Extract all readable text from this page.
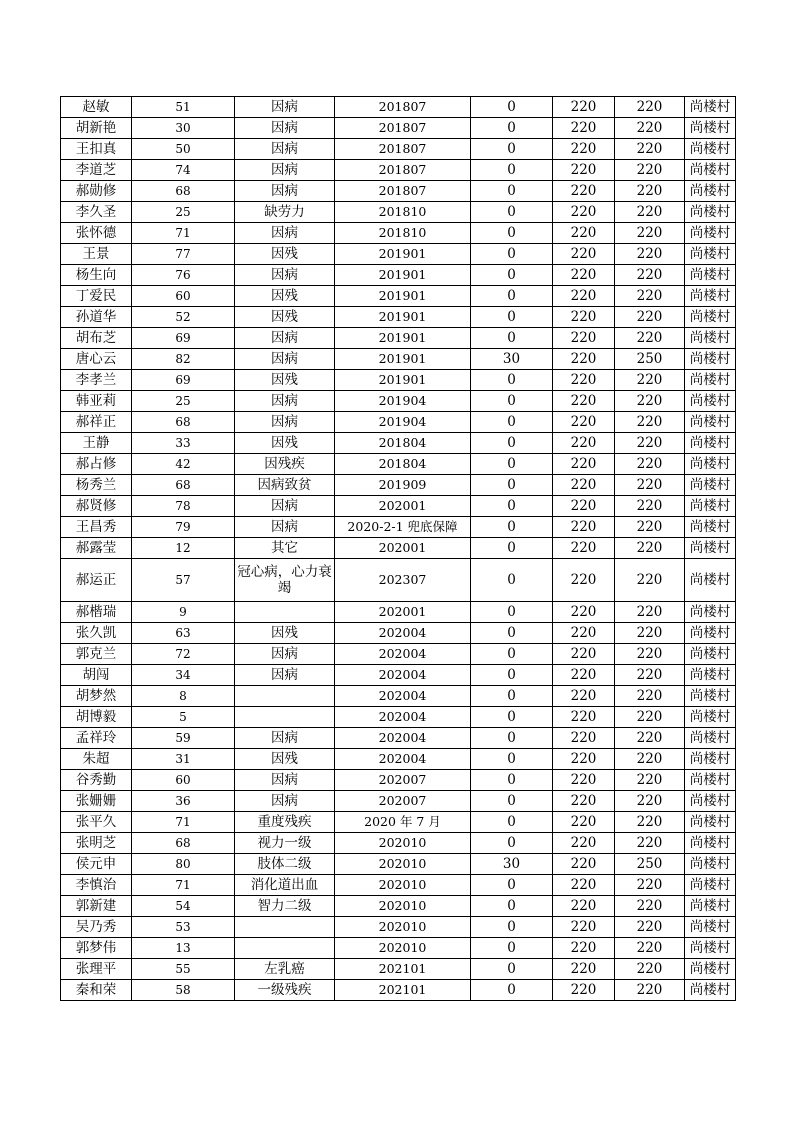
赵敏	51	因病	201807	0	220	220	尚楼村
胡新艳	30	因病	201807	0	220	220	尚楼村
王扣真	50	因病	201807	0	220	220	尚楼村
李道芝	74	因病	201807	0	220	220	尚楼村
郝勋修	68	因病	201807	0	220	220	尚楼村
李久圣	25	缺劳力	201810	0	220	220	尚楼村
张怀德	71	因病	201810	0	220	220	尚楼村
王景	77	因残	201901	0	220	220	尚楼村
杨生向	76	因病	201901	0	220	220	尚楼村
丁爱民	60	因残	201901	0	220	220	尚楼村
孙道华	52	因残	201901	0	220	220	尚楼村
胡布芝	69	因病	201901	0	220	220	尚楼村
唐心云	82	因病	201901	30	220	250	尚楼村
李孝兰	69	因残	201901	0	220	220	尚楼村
韩亚莉	25	因病	201904	0	220	220	尚楼村
郝祥正	68	因病	201904	0	220	220	尚楼村
王静	33	因残	201804	0	220	220	尚楼村
郝占修	42	因残疾	201804	0	220	220	尚楼村
杨秀兰	68	因病致贫	201909	0	220	220	尚楼村
郝贤修	78	因病	202001	0	220	220	尚楼村
王昌秀	79	因病	2020-2-1 兜底保障	0	220	220	尚楼村
郝露莹	12	其它	202001	0	220	220	尚楼村
郝运正	57	冠心病，心力衰竭	202307	0	220	220	尚楼村
郝楷瑞	9		202001	0	220	220	尚楼村
张久凯	63	因残	202004	0	220	220	尚楼村
郭克兰	72	因病	202004	0	220	220	尚楼村
胡闯	34	因病	202004	0	220	220	尚楼村
胡梦然	8		202004	0	220	220	尚楼村
胡博毅	5		202004	0	220	220	尚楼村
孟祥玲	59	因病	202004	0	220	220	尚楼村
朱超	31	因残	202004	0	220	220	尚楼村
谷秀勤	60	因病	202007	0	220	220	尚楼村
张姗姗	36	因病	202007	0	220	220	尚楼村
张平久	71	重度残疾	2020 年 7 月	0	220	220	尚楼村
张明芝	68	视力一级	202010	0	220	220	尚楼村
侯元申	80	肢体二级	202010	30	220	250	尚楼村
李慎治	71	消化道出血	202010	0	220	220	尚楼村
郭新建	54	智力二级	202010	0	220	220	尚楼村
吴乃秀	53		202010	0	220	220	尚楼村
郭梦伟	13		202010	0	220	220	尚楼村
张理平	55	左乳癌	202101	0	220	220	尚楼村
秦和荣	58	一级残疾	202101	0	220	220	尚楼村
